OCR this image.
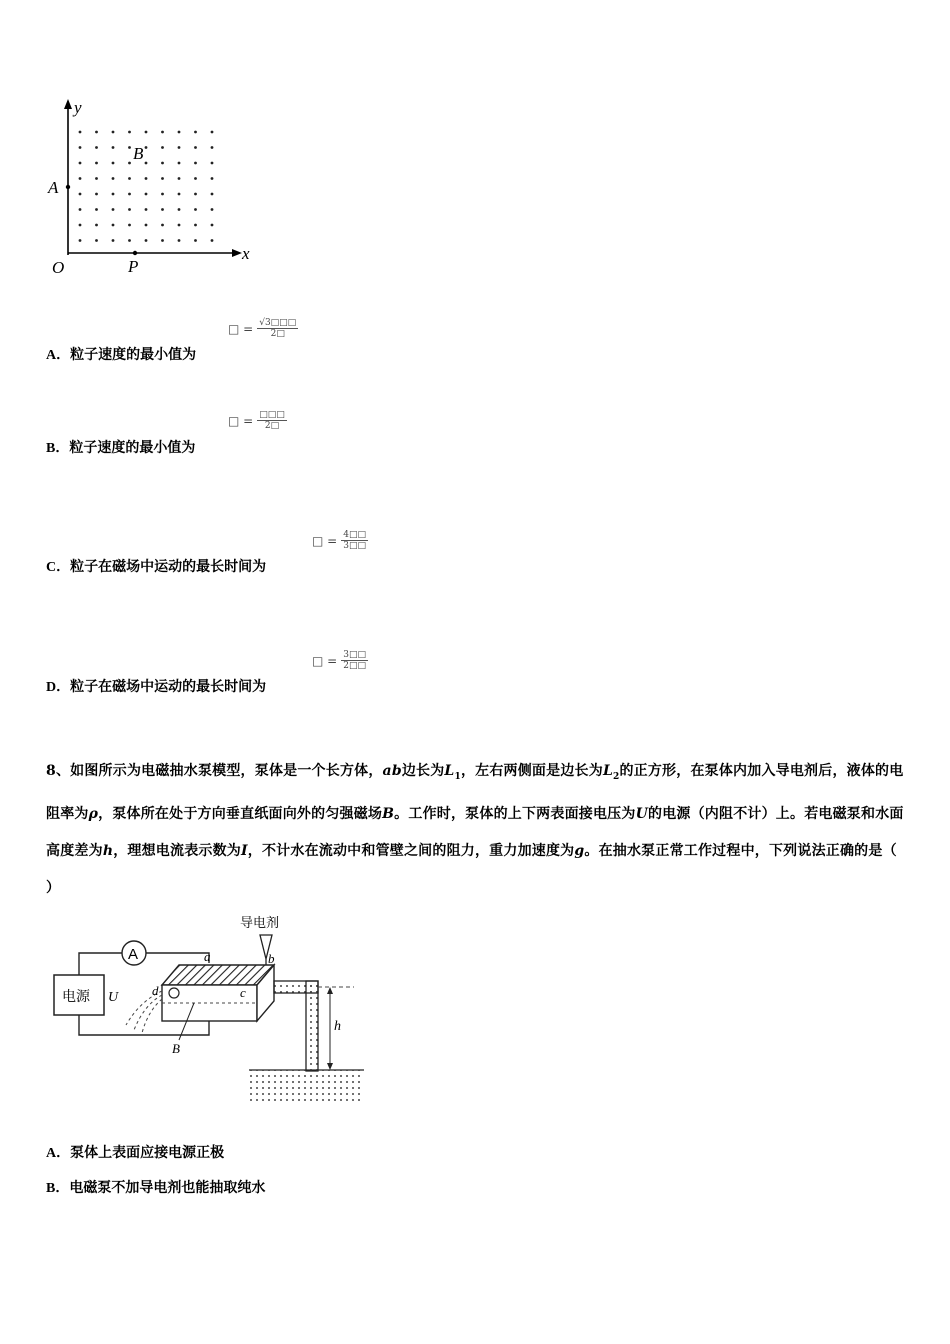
y
x
O
A
B
P
A．粒子速度的最小值为
□ = $\frac{√3□□□}{2□}$
B．粒子速度的最小值为
□ = $\frac{□□□}{2□}$
C．粒子在磁场中运动的最长时间为
□ = $\frac{4□□}{3□□}$
D．粒子在磁场中运动的最长时间为
□ = $\frac{3□□}{2□□}$
8、如图所示为电磁抽水泵模型，泵体是一个长方体，ab边长为$L_1$，左右两侧面是边长为$L_2$的正方形，在泵体内加入导电剂后，液体的电阻率为ρ，泵体所在处于方向垂直纸面向外的匀强磁场B。工作时，泵体的上下两表面接电压为U的电源（内阻不计）上。若电磁泵和水面高度差为h，理想电流表示数为I，不计水在流动中和管壁之间的阻力，重力加速度为g。在抽水泵正常工作过程中，下列说法正确的是（ ）
A
电源 U
h
导电剂
a	b
c
d
B
A．泵体上表面应接电源正极
B．电磁泵不加导电剂也能抽取纯水
